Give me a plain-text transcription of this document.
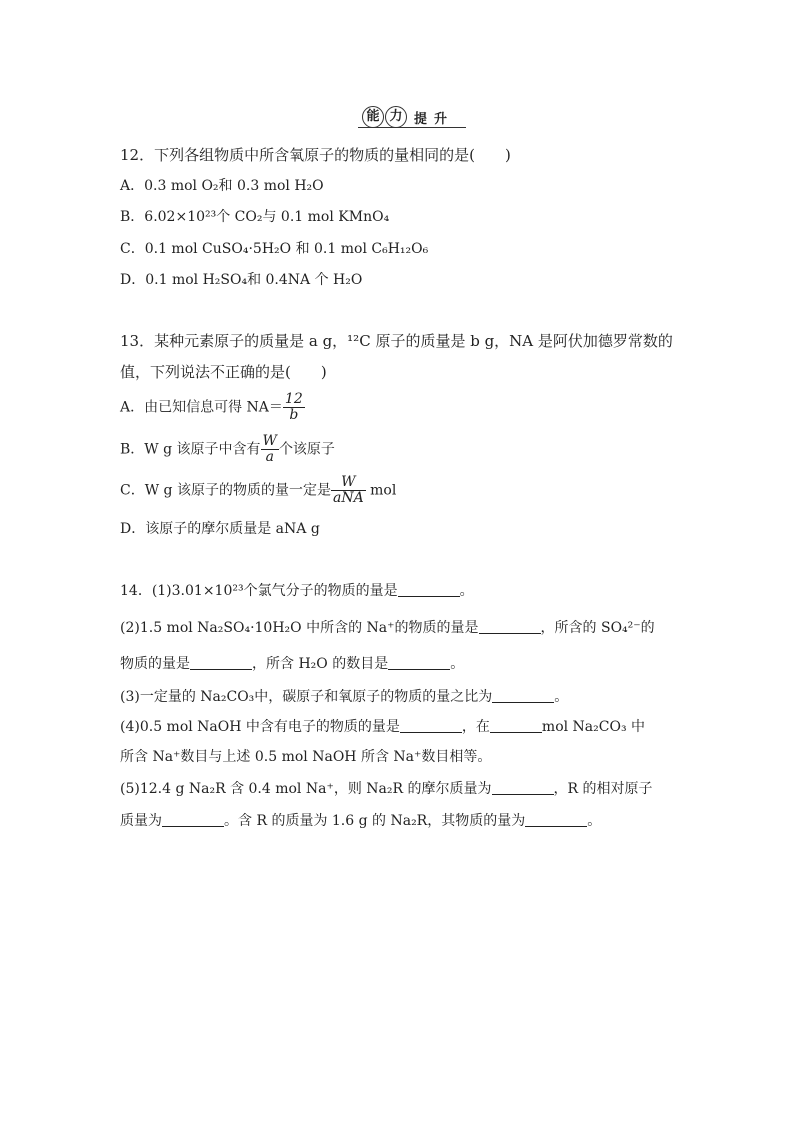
能 力 提 升
12．下列各组物质中所含氧原子的物质的量相同的是(　　)
A．0.3 mol O₂和 0.3 mol H₂O
B．6.02×10²³个 CO₂与 0.1 mol KMnO₄
C．0.1 mol CuSO₄·5H₂O 和 0.1 mol C₆H₁₂O₆
D．0.1 mol H₂SO₄和 0.4NA 个 H₂O
13．某种元素原子的质量是 a g，¹²C 原子的质量是 b g，NA 是阿伏加德罗常数的
值，下列说法不正确的是(　　)
A．由已知信息可得 $NA= \frac{12}{b}$
B．W g 该原子中含有 $\frac{W}{a}$ 个该原子
C．W g 该原子的物质的量一定是 $\frac{W}{\text{aNA}}$ mol
D．该原子的摩尔质量是 aNA g
14．(1)3.01×10²³个氯气分子的物质的量是	。
(2)1.5 mol Na₂SO₄·10H₂O 中所含的 Na⁺的物质的量是	，所含的 SO₄²⁻的
物质的量是	，所含 H₂O 的数目是	。
(3)一定量的 Na₂CO₃中，碳原子和氧原子的物质的量之比为	。
(4)0.5 mol NaOH 中含有电子的物质的量是	，在	mol Na₂CO₃ 中
所含 Na⁺数目与上述 0.5 mol NaOH 所含 Na⁺数目相等。
(5)12.4 g Na₂R 含 0.4 mol Na⁺，则 Na₂R 的摩尔质量为	，R 的相对原子
质量为	。含 R 的质量为 1.6 g 的 Na₂R，其物质的量为	。
